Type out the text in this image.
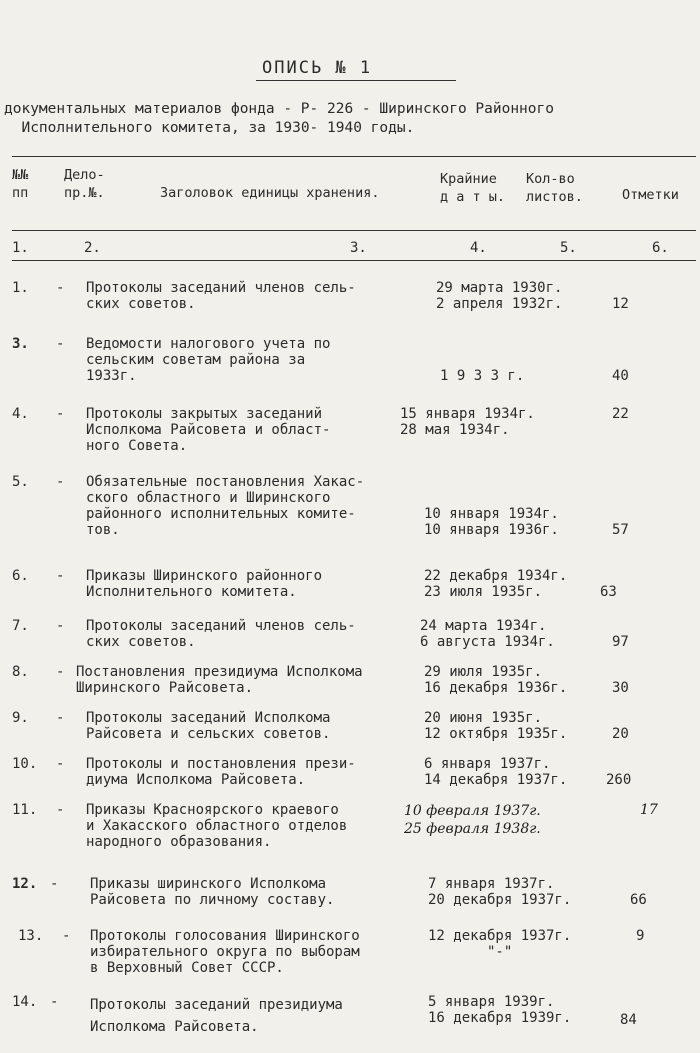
ОПИСЬ № 1
документальных материалов фонда - Р- 226 - Ширинского Районного
Исполнительного комитета, за 1930- 1940 годы.
№№
пп
Дело-
пр.№.	Заголовок единицы хранения.
Крайние
д а т ы.
Кол-во
листов.	Отметки
1.	2.	3.	4.	5.	6.
1. - Протоколы заседаний членов сель-
ских советов.
29 марта 1930г.
2 апреля 1932г.	12
3. - Ведомости налогового учета по
сельским советам района за
1933г.	

1 9 3 3 г.	40
4. - Протоколы закрытых заседаний
Исполкома Райсовета и област-
ного Совета.
15 января 1934г.
28 мая 1934г.
22
5. - Обязательные постановления Хакас-
ского областного и Ширинского
районного исполнительных комите-
тов.

10 января 1934г.
10 января 1936г.	57
6. - Приказы Ширинского районного
Исполнительного комитета.
22 декабря 1934г.
23 июля 1935г.	63
7. - Протоколы заседаний членов сель-
ских советов.
24 марта 1934г.
6 августа 1934г.	97
8. - Постановления президиума Исполкома
Ширинского Райсовета.
29 июля 1935г.
16 декабря 1936г.	30
9. - Протоколы заседаний Исполкома
Райсовета и сельских советов.
20 июня 1935г.
12 октября 1935г.	20
10. - Протоколы и постановления прези-
диума Исполкома Райсовета.
6 января 1937г.
14 декабря 1937г.	260
11. - Приказы Красноярского краевого
и Хакасского областного отделов
народного образования.
10 февраля 1937г.
25 февраля 1938г.
17
12. - Приказы ширинского Исполкома
Райсовета по личному составу.
7 января 1937г.
20 декабря 1937г.	66
13. - Протоколы голосования Ширинского
избирательного округа по выборам
в Верховный Совет СССР.
12 декабря 1937г.
"-"
9
14. - Протоколы заседаний президиума
Исполкома Райсовета.
5 января 1939г.
16 декабря 1939г.	84
